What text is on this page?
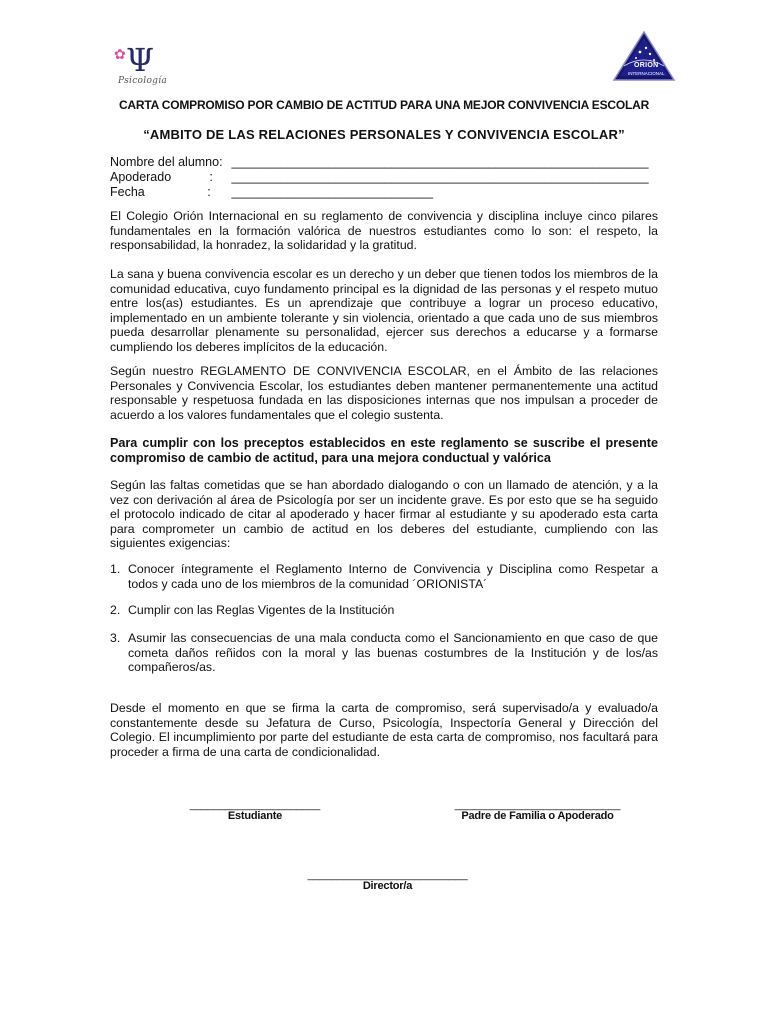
✿ Ψ
Psicología
ORIÓN
INTERNACIONAL
CARTA COMPROMISO POR CAMBIO DE ACTITUD PARA UNA MEJOR CONVIVENCIA ESCOLAR
“AMBITO DE LAS RELACIONES PERSONALES Y CONVIVENCIA ESCOLAR”
Nombre del alumno: ____________________________________________________________
Apoderado           :	____________________________________________________________
Fecha                  :	_____________________________

El Colegio Orión Internacional en su reglamento de convivencia y disciplina incluye cinco pilares fundamentales en la formación valórica de nuestros estudiantes como lo son: el respeto, la responsabilidad, la honradez, la solidaridad y la gratitud.

La sana y buena convivencia escolar es un derecho y un deber que tienen todos los miembros de la comunidad educativa, cuyo fundamento principal es la dignidad de las personas y el respeto mutuo entre los(as) estudiantes. Es un aprendizaje que contribuye a lograr un proceso educativo, implementado en un ambiente tolerante y sin violencia, orientado a que cada uno de sus miembros pueda desarrollar plenamente su personalidad, ejercer sus derechos a educarse y a formarse cumpliendo los deberes implícitos de la educación.

Según nuestro REGLAMENTO DE CONVIVENCIA ESCOLAR, en el Ámbito de las relaciones Personales y Convivencia Escolar, los estudiantes deben mantener permanentemente una actitud responsable y respetuosa fundada en las disposiciones internas que nos impulsan a proceder de acuerdo a los valores fundamentales que el colegio sustenta.

Para cumplir con los preceptos establecidos en este reglamento se suscribe el presente compromiso de cambio de actitud, para una mejora conductual y valórica

Según las faltas cometidas que se han abordado dialogando o con un llamado de atención, y a la vez con derivación al área de Psicología por ser un incidente grave. Es por esto que se ha seguido el protocolo indicado de citar al apoderado y hacer firmar al estudiante y su apoderado esta carta para comprometer un cambio de actitud en los deberes del estudiante, cumpliendo con las siguientes exigencias:

1. Conocer íntegramente el Reglamento Interno de Convivencia y Disciplina como Respetar a todos y cada uno de los miembros de la comunidad ´ORIONISTA´
2. Cumplir con las Reglas Vigentes de la Institución
3. Asumir las consecuencias de una mala conducta como el Sancionamiento en que caso de que cometa daños reñidos con la moral y las buenas costumbres de la Institución y de los/as compañeros/as.

Desde el momento en que se firma la carta de compromiso, será supervisado/a y evaluado/a constantemente desde su Jefatura de Curso, Psicología, Inspectoría General y Dirección del Colegio. El incumplimiento por parte del estudiante de esta carta de compromiso, nos facultará para proceder a firma de una carta de condicionalidad.

______________________
Estudiante
____________________________
Padre de Familia o Apoderado
___________________________
Director/a
